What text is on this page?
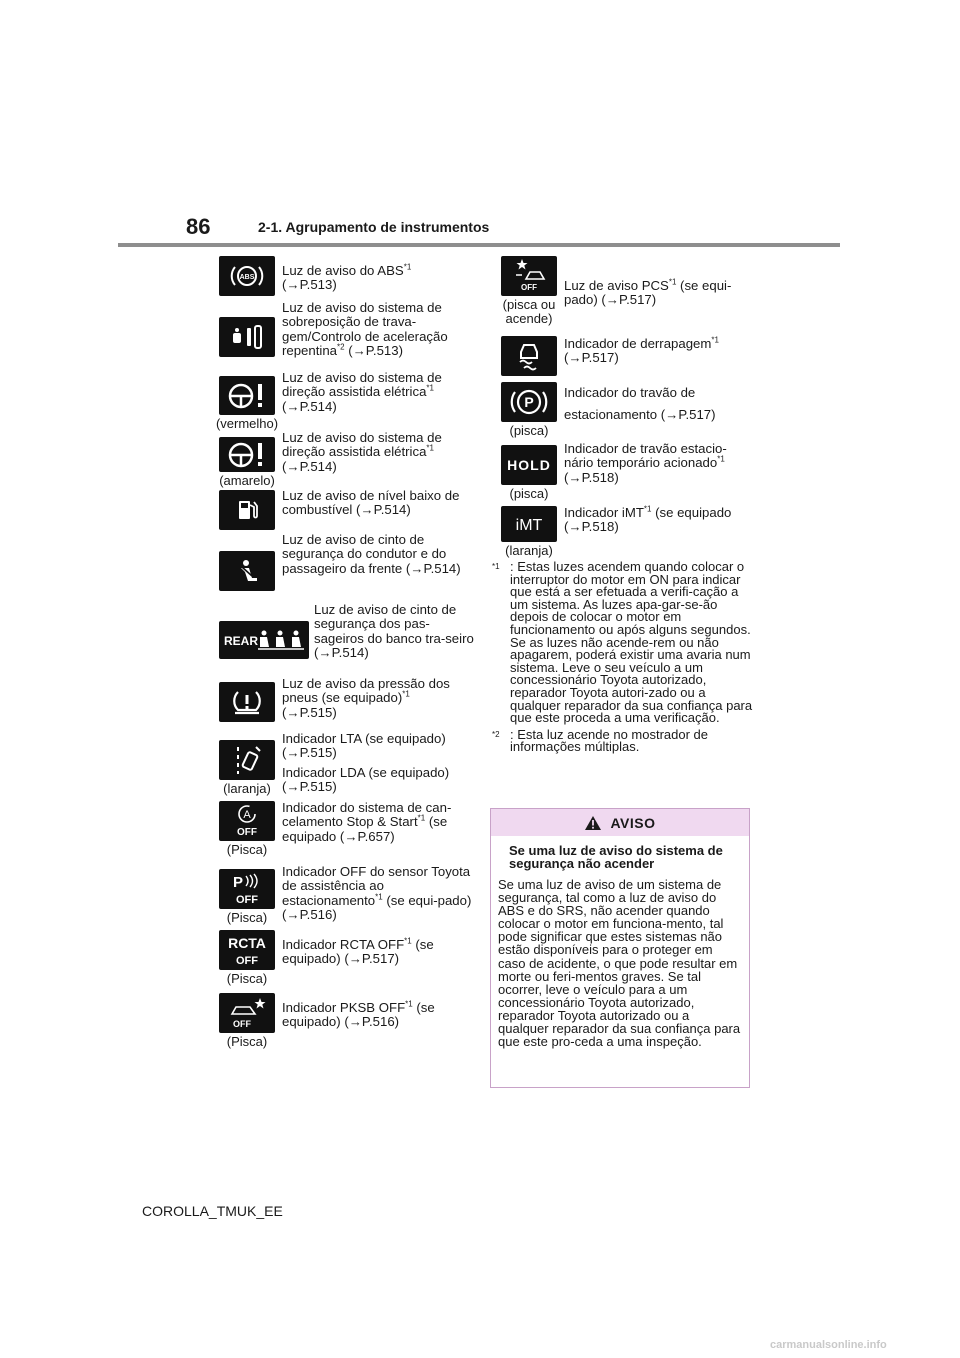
86	2-1. Agrupamento de instrumentos
ABS	Luz de aviso do ABS$^{*1}$
(→P.513)
Luz de aviso do sistema de sobreposição de trava-gem/Controlo de aceleração repentina$^{*2}$ (→P.513)
(vermelho)
Luz de aviso do sistema de direção assistida elétrica$^{*1}$
(→P.514)
(amarelo)
Luz de aviso do sistema de direção assistida elétrica$^{*1}$
(→P.514)
Luz de aviso de nível baixo de combustível (→P.514)
Luz de aviso de cinto de segurança do condutor e do passageiro da frente (→P.514)
REAR
Luz de aviso de cinto de segurança dos pas-sageiros do banco tra-seiro (→P.514)
Luz de aviso da pressão dos pneus (se equipado)$^{*1}$
(→P.515)
(laranja)
Indicador LTA (se equipado) (→P.515)
Indicador LDA (se equipado) (→P.515)
A
OFF
(Pisca)
Indicador do sistema de can-celamento Stop & Start$^{*1}$ (se equipado (→P.657)
P
OFF
(Pisca)
Indicador OFF do sensor Toyota de assistência ao estacionamento$^{*1}$ (se equi-pado) (→P.516)
RCTA
OFF
(Pisca)
Indicador RCTA OFF$^{*1}$ (se equipado) (→P.517)
OFF
(Pisca)
Indicador PKSB OFF$^{*1}$ (se equipado) (→P.516)
OFF
(pisca ou acende)
Luz de aviso PCS$^{*1}$ (se equi-pado) (→P.517)
Indicador de derrapagem$^{*1}$
(→P.517)
P
(pisca)
Indicador do travão de estacionamento (→P.517)
HOLD
(pisca)
Indicador de travão estacio-nário temporário acionado$^{*1}$
(→P.518)
iMT
(laranja)
Indicador iMT$^{*1}$ (se equipado (→P.518)
$^{*1}$ : Estas luzes acendem quando colocar o interruptor do motor em ON para indicar que está a ser efetuada a verifi-cação a um sistema. As luzes apa-gar-se-ão depois de colocar o motor em funcionamento ou após alguns segundos. Se as luzes não acende-rem ou não apagarem, poderá existir uma avaria num sistema. Leve o seu veículo a um concessionário Toyota autorizado, reparador Toyota autori-zado ou a qualquer reparador da sua confiança para que este proceda a uma verificação.
$^{*2}$ : Esta luz acende no mostrador de informações múltiplas.
AVISO
Se uma luz de aviso do sistema de segurança não acender
Se uma luz de aviso de um sistema de segurança, tal como a luz de aviso do ABS e do SRS, não acender quando colocar o motor em funciona-mento, tal pode significar que estes sistemas não estão disponíveis para o proteger em caso de acidente, o que pode resultar em morte ou feri-mentos graves. Se tal ocorrer, leve o veículo para a um concessionário Toyota autorizado, reparador Toyota autorizado ou a qualquer reparador da sua confiança para que este pro-ceda a uma inspeção.
COROLLA_TMUK_EE
carmanualsonline.info
